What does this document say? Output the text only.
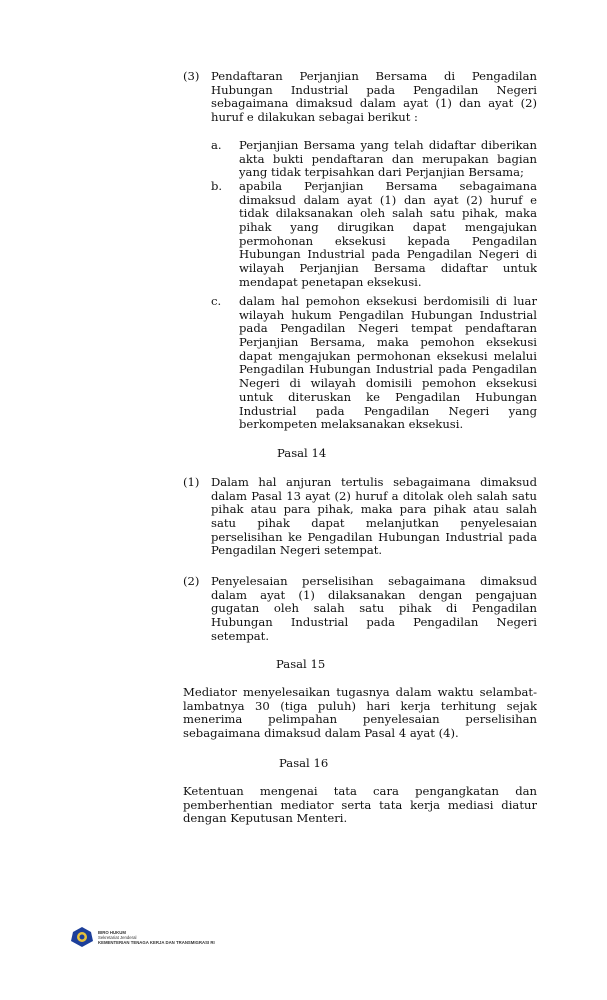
(3) Pendaftaran Perjanjian Bersama di Pengadilan
Hubungan Industrial pada Pengadilan Negeri
sebagaimana dimaksud dalam ayat (1) dan ayat (2)
huruf e dilakukan sebagai berikut :
a. Perjanjian Bersama yang telah didaftar diberikan
akta bukti pendaftaran dan merupakan bagian
yang tidak terpisahkan dari Perjanjian Bersama;
b. apabila Perjanjian Bersama sebagaimana
dimaksud dalam ayat (1) dan ayat (2) huruf e
tidak dilaksanakan oleh salah satu pihak, maka
pihak yang dirugikan dapat mengajukan
permohonan eksekusi kepada Pengadilan
Hubungan Industrial pada Pengadilan Negeri di
wilayah Perjanjian Bersama didaftar untuk
mendapat penetapan eksekusi.
c. dalam hal pemohon eksekusi berdomisili di luar
wilayah hukum Pengadilan Hubungan Industrial
pada Pengadilan Negeri tempat pendaftaran
Perjanjian Bersama, maka pemohon eksekusi
dapat mengajukan permohonan eksekusi melalui
Pengadilan Hubungan Industrial pada Pengadilan
Negeri di wilayah domisili pemohon eksekusi
untuk diteruskan ke Pengadilan Hubungan
Industrial pada Pengadilan Negeri yang
berkompeten melaksanakan eksekusi.
Pasal 14
(1) Dalam hal anjuran tertulis sebagaimana dimaksud
dalam Pasal 13 ayat (2) huruf a ditolak oleh salah satu
pihak atau para pihak, maka para pihak atau salah
satu pihak dapat melanjutkan penyelesaian
perselisihan ke Pengadilan Hubungan Industrial pada
Pengadilan Negeri setempat.
(2) Penyelesaian perselisihan sebagaimana dimaksud
dalam ayat (1) dilaksanakan dengan pengajuan
gugatan oleh salah satu pihak di Pengadilan
Hubungan Industrial pada Pengadilan Negeri
setempat.
Pasal 15
Mediator menyelesaikan tugasnya dalam waktu selambat-
lambatnya 30 (tiga puluh) hari kerja terhitung sejak
menerima pelimpahan penyelesaian perselisihan
sebagaimana dimaksud dalam Pasal 4 ayat (4).
Pasal 16
Ketentuan mengenai tata cara pengangkatan dan
pemberhentian mediator serta tata kerja mediasi diatur
dengan Keputusan Menteri.
BIRO HUKUM
Sekretariat Jenderal
KEMENTERIAN TENAGA KERJA DAN TRANSMIGRASI RI
